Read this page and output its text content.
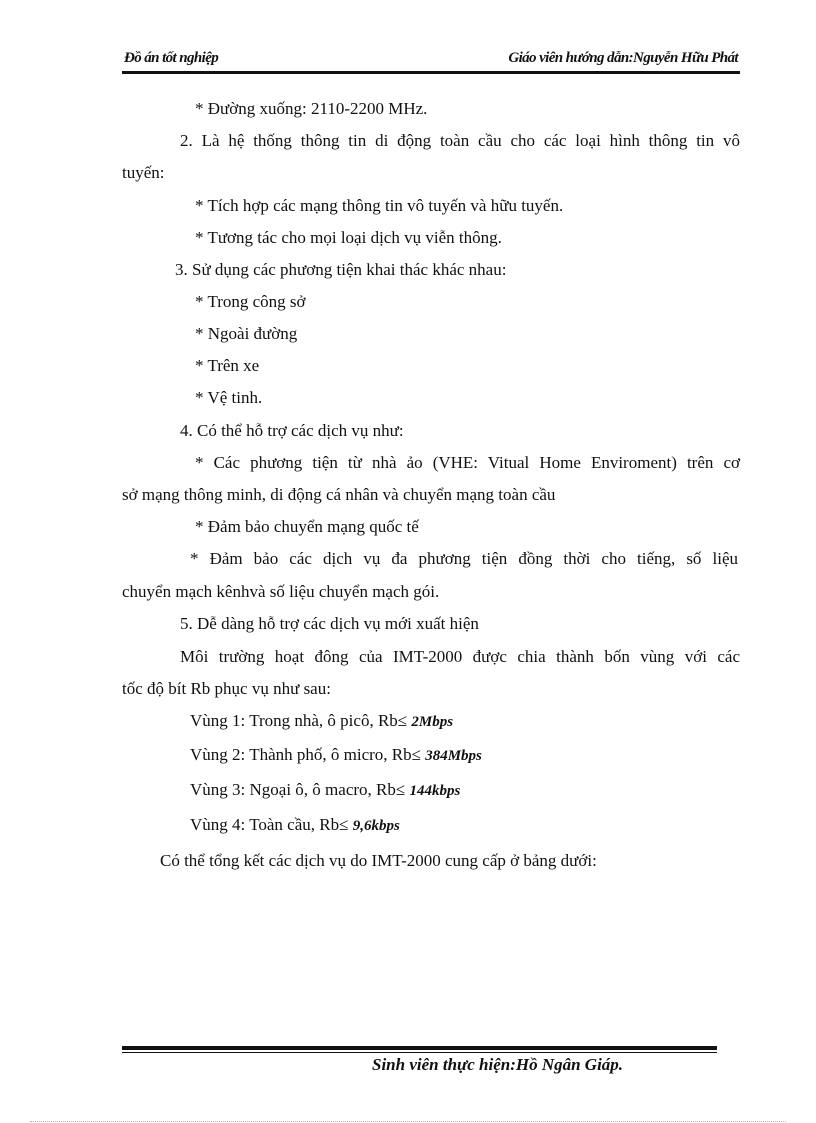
Đồ án tốt nghiệp	Giáo viên hướng dẫn:Nguyễn Hữu Phát
* Đường xuống: 2110-2200 MHz.
2. Là hệ thống thông tin di động toàn cầu cho các loại hình thông tin vô
tuyến:
* Tích hợp các mạng thông tin vô tuyến và hữu tuyến.
* Tương tác cho mọi loại dịch vụ viễn thông.
3. Sử dụng các phương tiện khai thác khác nhau:
* Trong công sở
* Ngoài đường
* Trên xe
* Vệ tinh.
4. Có thể hỗ trợ các dịch vụ như:
* Các phương tiện từ nhà ảo (VHE: Vitual Home Enviroment) trên cơ
sở mạng thông minh, di động cá nhân và chuyển mạng toàn cầu
* Đảm bảo chuyển mạng quốc tế
* Đảm bảo các dịch vụ đa phương tiện đồng thời cho tiếng, số liệu
chuyển mạch kênhvà số liệu chuyển mạch gói.
5. Dễ dàng hỗ trợ các dịch vụ mới xuất hiện
Môi trường hoạt đông của IMT-2000 được chia thành bốn vùng với các
tốc độ bít Rb phục vụ như sau:
Vùng 1: Trong nhà, ô picô, Rb≤ 2Mbps
Vùng 2: Thành phố, ô micro, Rb≤ 384Mbps
Vùng 3: Ngoại ô, ô macro, Rb≤ 144kbps
Vùng 4: Toàn cầu, Rb≤ 9,6kbps
Có thể tổng kết các dịch vụ do IMT-2000 cung cấp ở bảng dưới:
Sinh viên thực hiện:Hồ Ngân Giáp.
